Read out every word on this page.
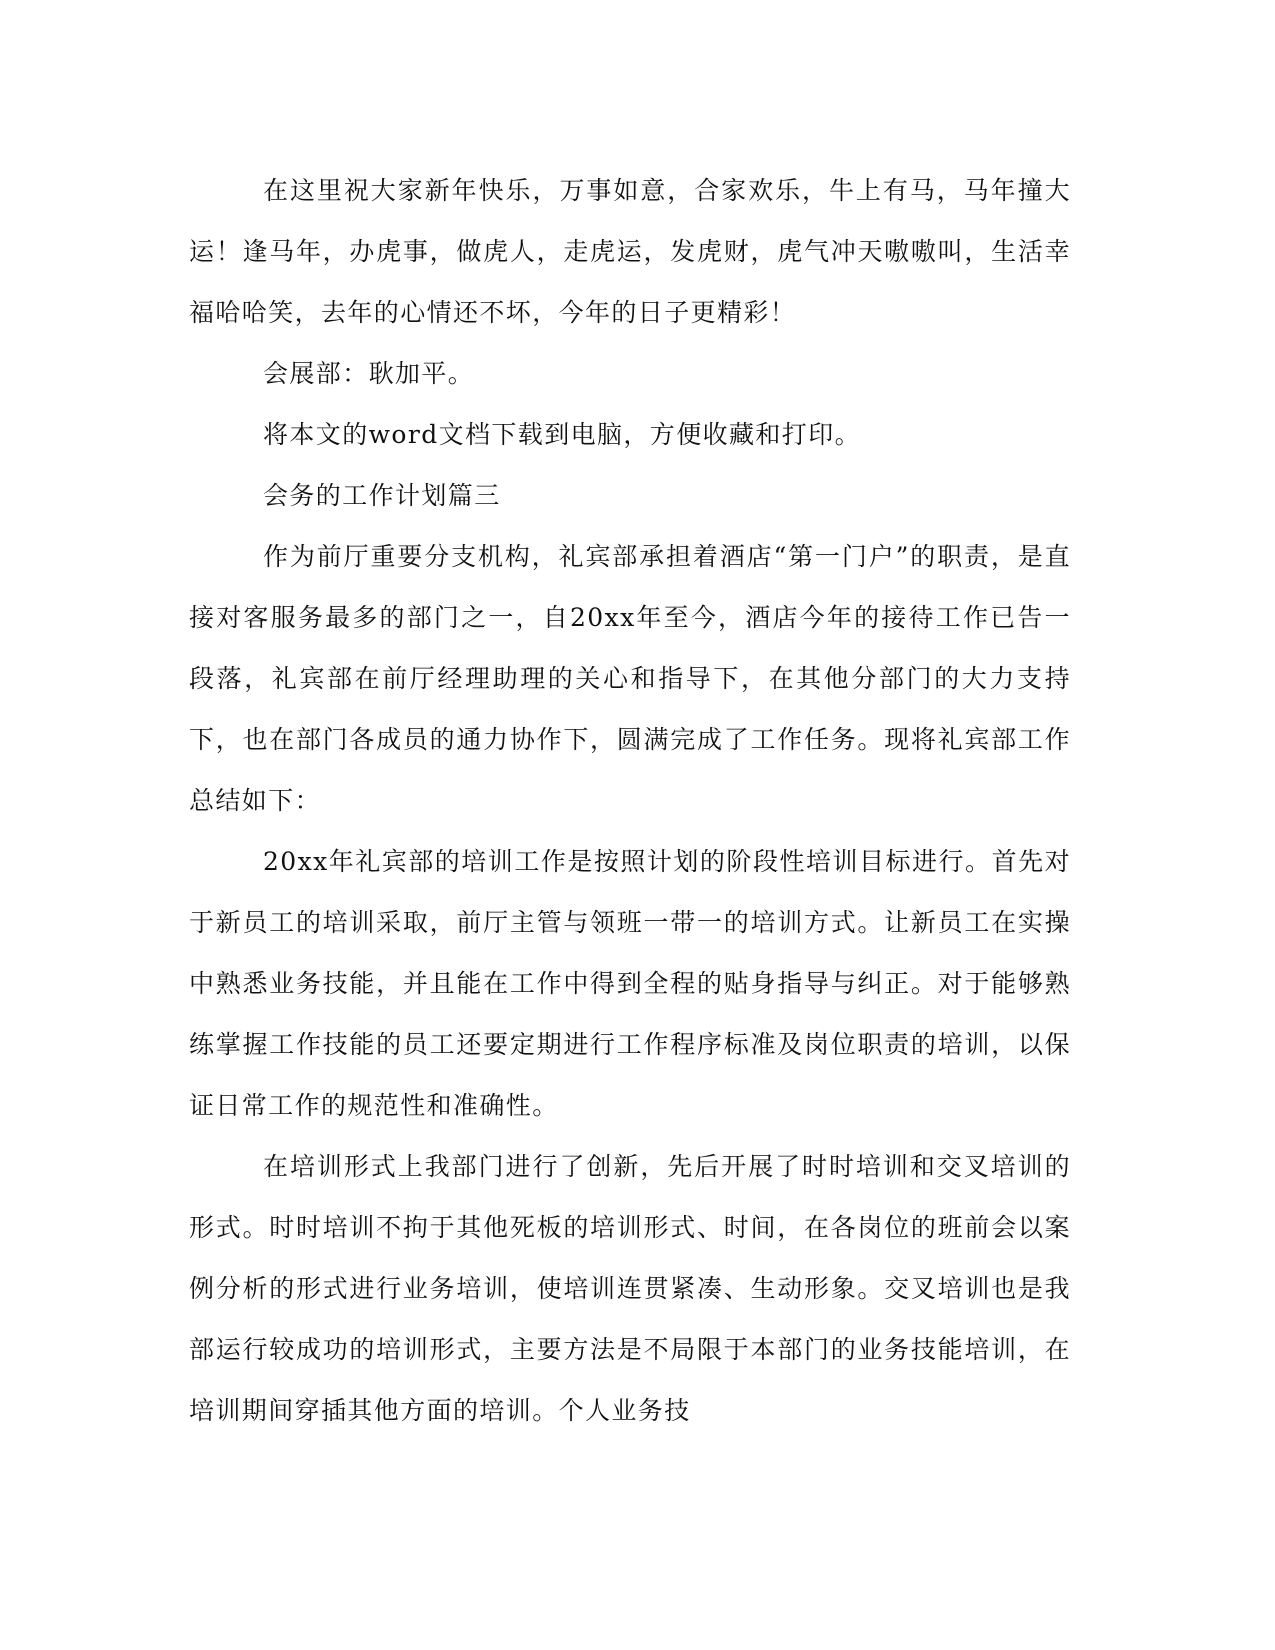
在这里祝大家新年快乐，万事如意，合家欢乐，牛上有马，马年撞大运！逢马年，办虎事，做虎人，走虎运，发虎财，虎气冲天嗷嗷叫，生活幸福哈哈笑，去年的心情还不坏，今年的日子更精彩！

会展部：耿加平。

将本文的word文档下载到电脑，方便收藏和打印。

会务的工作计划篇三

作为前厅重要分支机构，礼宾部承担着酒店“第一门户”的职责，是直接对客服务最多的部门之一，自20xx年至今，酒店今年的接待工作已告一段落，礼宾部在前厅经理助理的关心和指导下，在其他分部门的大力支持下，也在部门各成员的通力协作下，圆满完成了工作任务。现将礼宾部工作总结如下：

20xx年礼宾部的培训工作是按照计划的阶段性培训目标进行。首先对于新员工的培训采取，前厅主管与领班一带一的培训方式。让新员工在实操中熟悉业务技能，并且能在工作中得到全程的贴身指导与纠正。对于能够熟练掌握工作技能的员工还要定期进行工作程序标准及岗位职责的培训，以保证日常工作的规范性和准确性。

在培训形式上我部门进行了创新，先后开展了时时培训和交叉培训的形式。时时培训不拘于其他死板的培训形式、时间，在各岗位的班前会以案例分析的形式进行业务培训，使培训连贯紧凑、生动形象。交叉培训也是我部运行较成功的培训形式，主要方法是不局限于本部门的业务技能培训，在培训期间穿插其他方面的培训。个人业务技
